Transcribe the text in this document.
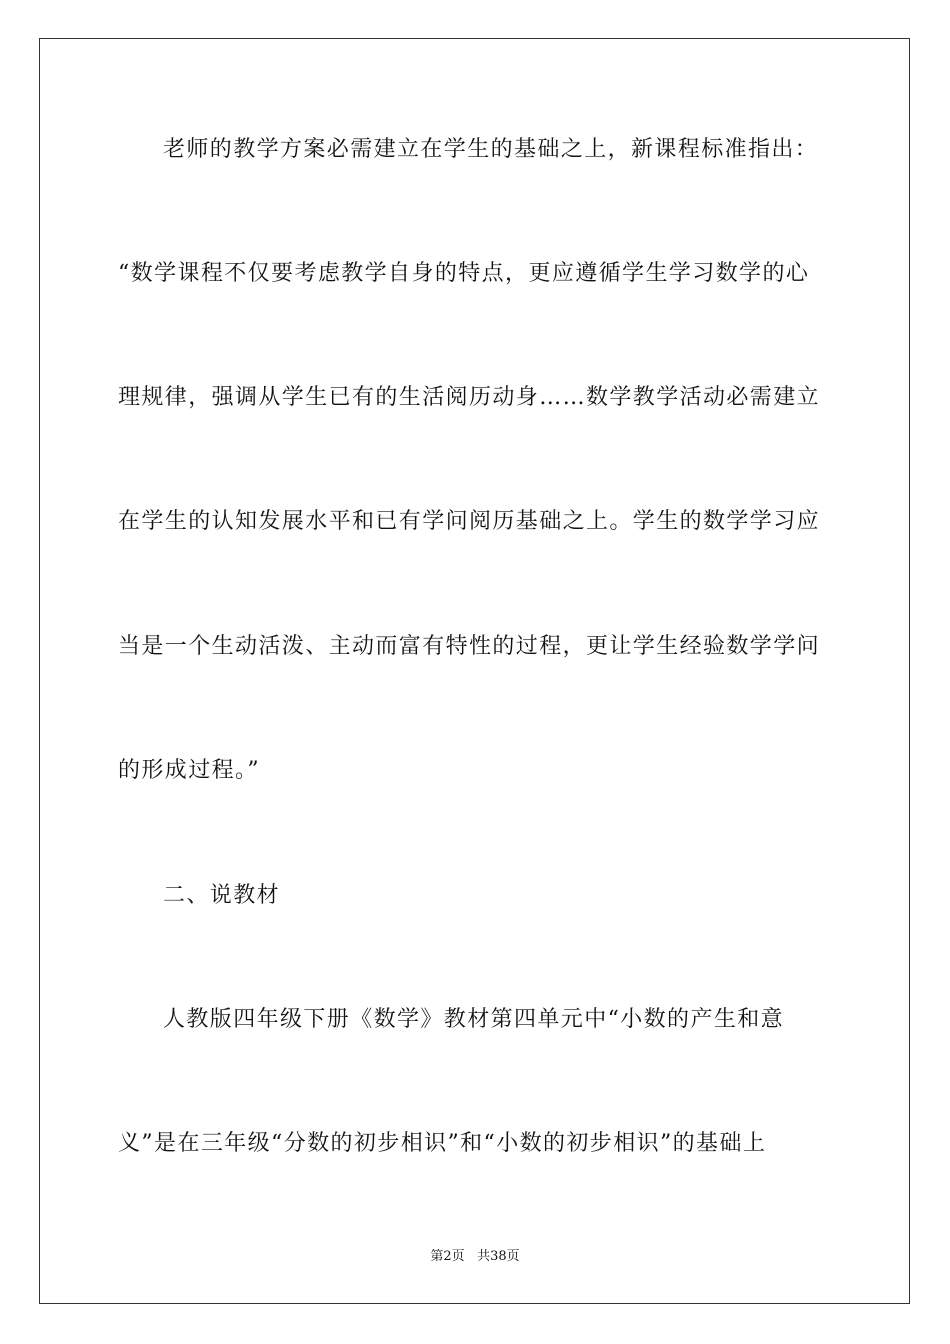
老师的教学方案必需建立在学生的基础之上，新课程标准指出：
“数学课程不仅要考虑教学自身的特点，更应遵循学生学习数学的心
理规律，强调从学生已有的生活阅历动身……数学教学活动必需建立
在学生的认知发展水平和已有学问阅历基础之上。学生的数学学习应
当是一个生动活泼、主动而富有特性的过程，更让学生经验数学学问
的形成过程。”
二、说教材
人教版四年级下册《数学》教材第四单元中“小数的产生和意
义”是在三年级“分数的初步相识”和“小数的初步相识”的基础上
第2页 共38页
